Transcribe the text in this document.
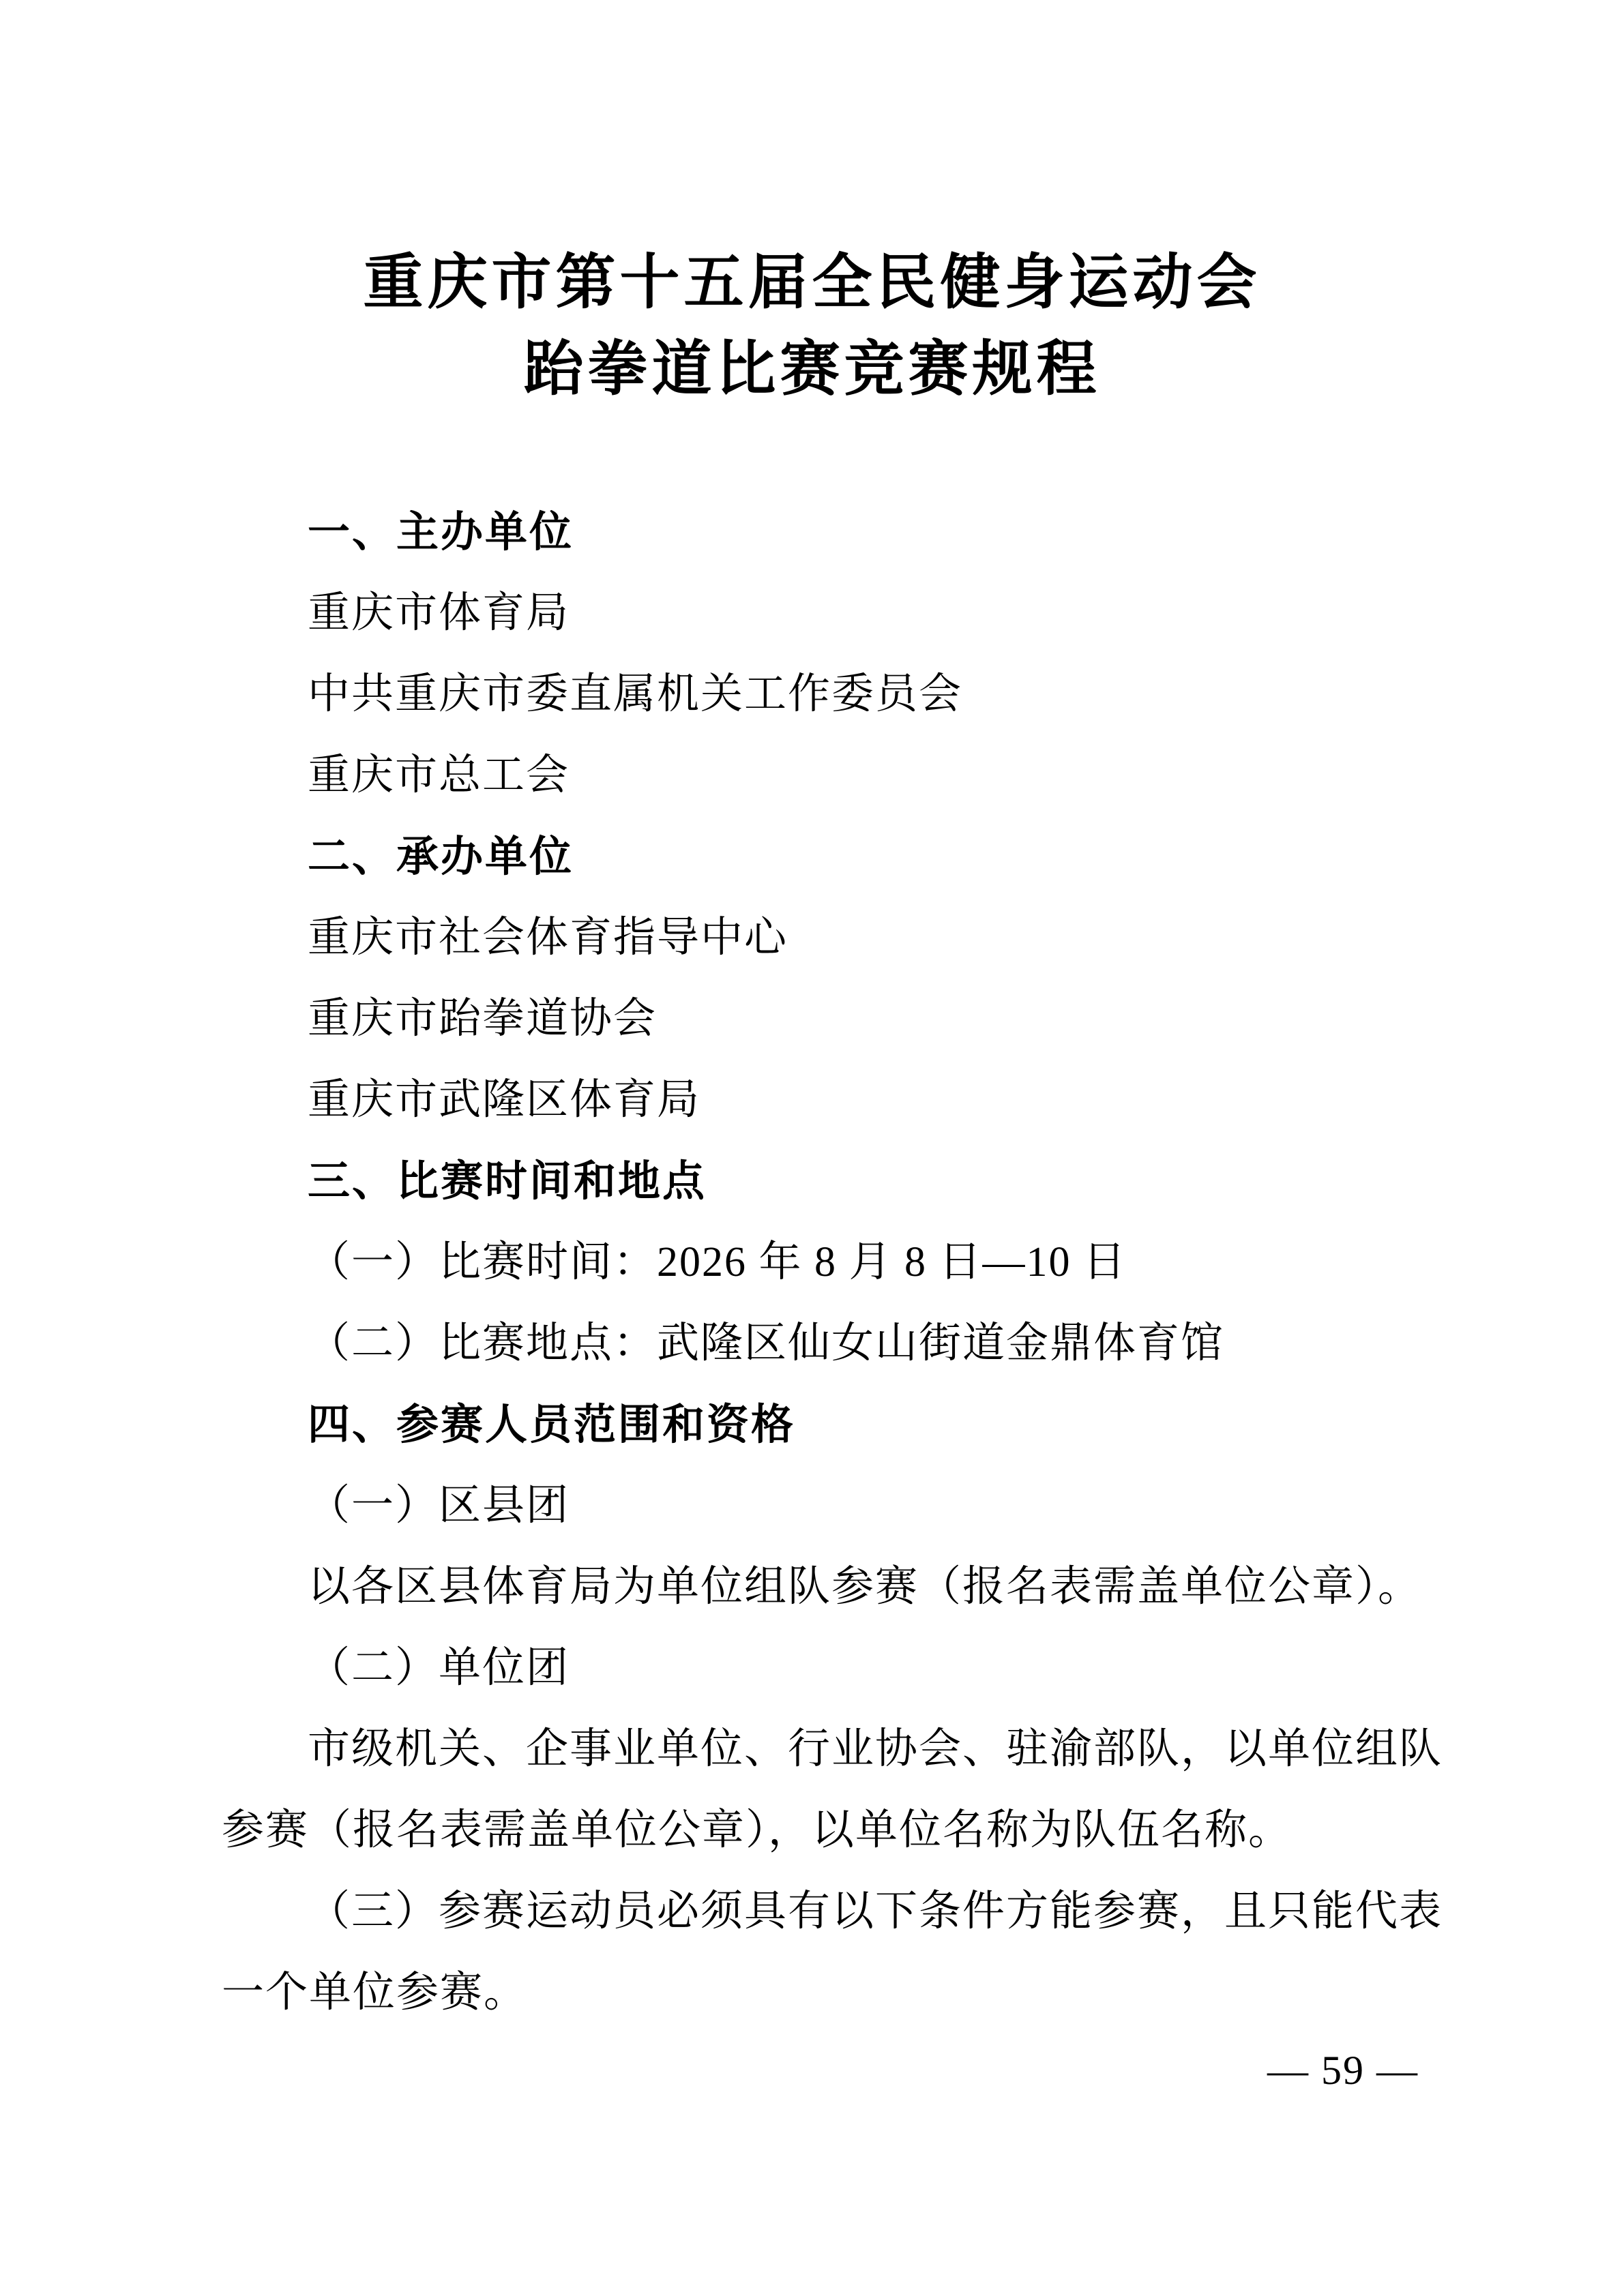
重庆市第十五届全民健身运动会
跆拳道比赛竞赛规程
一、主办单位
重庆市体育局
中共重庆市委直属机关工作委员会
重庆市总工会
二、承办单位
重庆市社会体育指导中心
重庆市跆拳道协会
重庆市武隆区体育局
三、比赛时间和地点
（一）比赛时间：2026 年 8 月 8 日—10 日
（二）比赛地点：武隆区仙女山街道金鼎体育馆
四、参赛人员范围和资格
（一）区县团
以各区县体育局为单位组队参赛（报名表需盖单位公章）。
（二）单位团
市级机关、企事业单位、行业协会、驻渝部队，以单位组队
参赛（报名表需盖单位公章），以单位名称为队伍名称。
（三）参赛运动员必须具有以下条件方能参赛，且只能代表
一个单位参赛。
— 59 —
